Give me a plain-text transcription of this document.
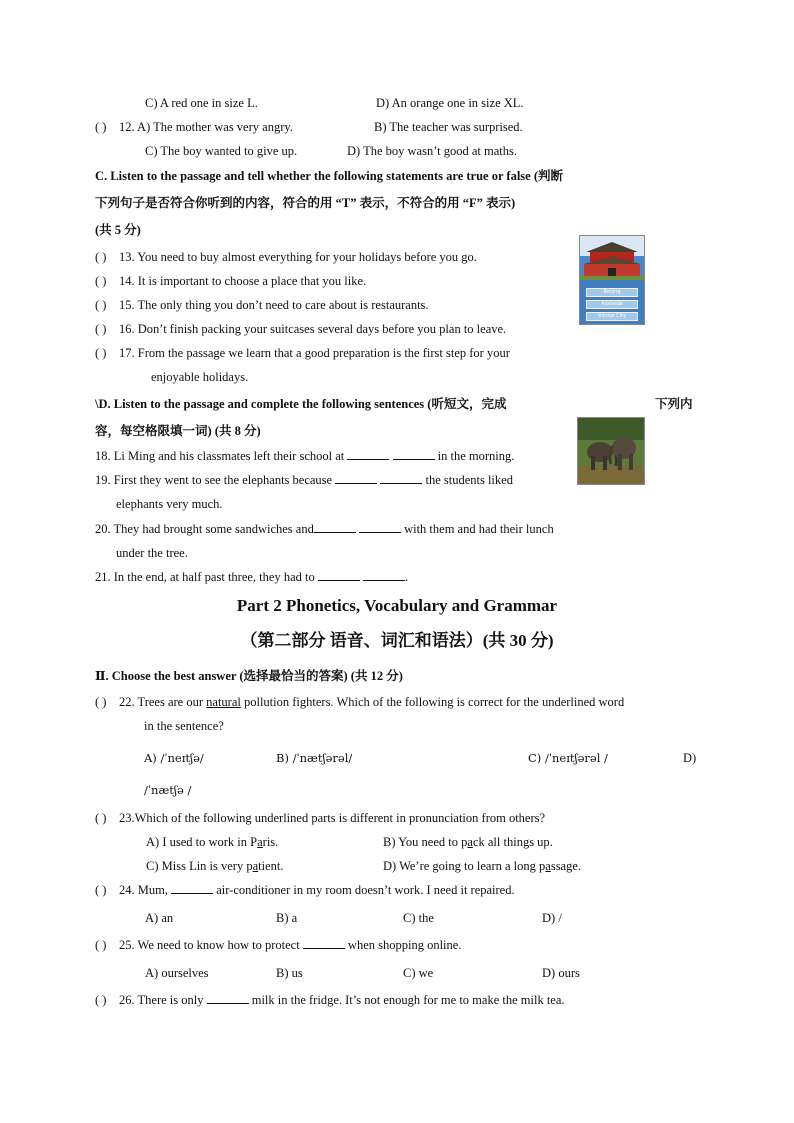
C) A red one in size L.	D) An orange one in size XL.
( ) 12. A) The mother was very angry.	B) The teacher was surprised.
C) The boy wanted to give up.	D) The boy wasn’t good at maths.
C. Listen to the passage and tell whether the following statements are true or false (判断
下列句子是否符合你听到的内容，符合的用 “T” 表示，不符合的用 “F” 表示)
(共 5 分)
( ) 13. You need to buy almost everything for your holidays before you go.
( ) 14. It is important to choose a place that you like.
( ) 15. The only thing you don’t need to care about is restaurants.
( ) 16. Don’t finish packing your suitcases several days before you plan to leave.
( ) 17. From the passage we learn that a good preparation is the first step for your
enjoyable holidays.
Beijing
Adelaide
Vilnius City
\D. Listen to the passage and complete the following sentences (听短文，完成	下列内
容，每空格限填一词) (共 8 分)
18. Li Ming and his classmates left their school at	in the morning.
19. First they went to see the elephants because	the students liked
elephants very much.
20. They had brought some sandwiches and	with them and had their lunch
under the tree.
21. In the end, at half past three, they had to	.
Part 2 Phonetics, Vocabulary and Grammar
（第二部分 语音、词汇和语法）(共 30 分)
Ⅱ. Choose the best answer (选择最恰当的答案) (共 12 分)
( ) 22. Trees are our natural pollution fighters. Which of the following is correct for the underlined word
in the sentence?
A) /ˈneɪtʃə/	B) /ˈnætʃərəl/	C) /ˈneɪtʃərəl /	D)
/ˈnætʃə /
( ) 23.Which of the following underlined parts is different in pronunciation from others?
A) I used to work in Paris.	B) You need to pack all things up.
C) Miss Lin is very patient.	D) We’re going to learn a long passage.
( ) 24. Mum,	air-conditioner in my room doesn’t work. I need it repaired.
A) an	B) a	C) the	D) /
( ) 25. We need to know how to protect	when shopping online.
A) ourselves	B) us	C) we	D) ours
( ) 26. There is only	milk in the fridge. It’s not enough for me to make the milk tea.
